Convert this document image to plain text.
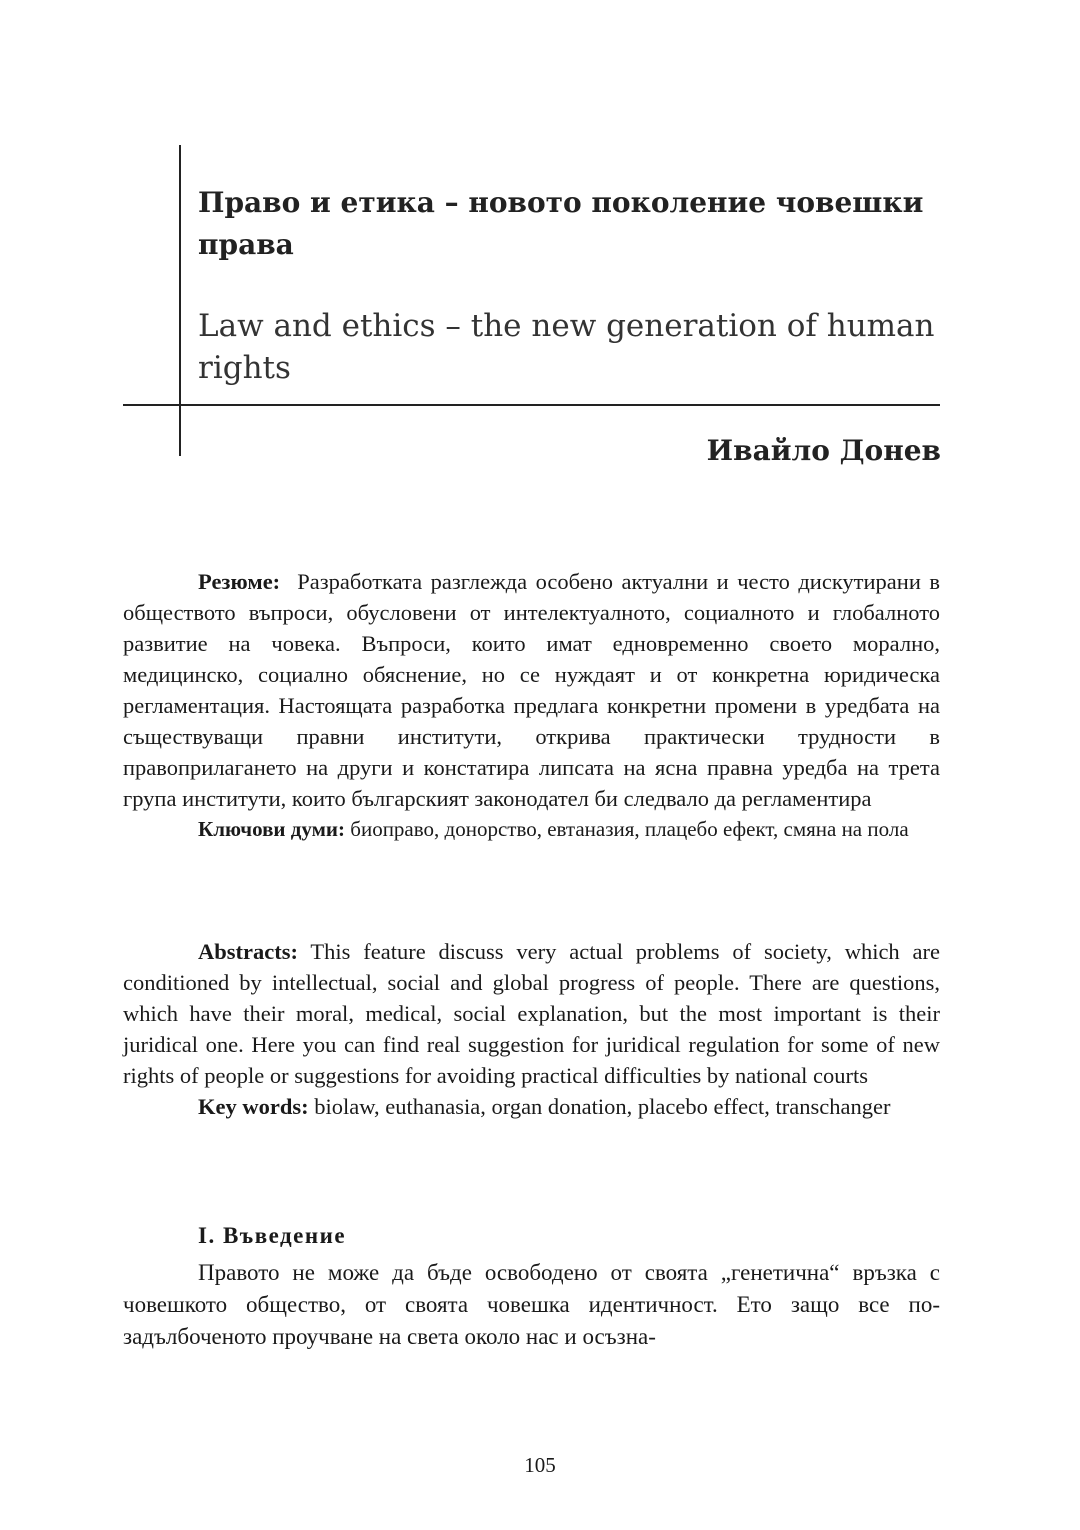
Право и етика – новото поколение човешки права
Law and ethics – the new generation of human rights
Ивайло Донев

Резюме: Разработката разглежда особено актуални и често дискутирани в обществото въпроси, обусловени от интелектуалното, социалното и глобалното развитие на човека. Въпроси, които имат едновременно своето морално, медицинско, социално обяснение, но се нуждаят и от конкретна юридическа регламентация. Настоящата разработка предлага конкретни промени в уредбата на съществуващи правни институти, открива практически трудности в правоприлагането на други и констатира липсата на ясна правна уредба на трета група институти, които българският законодател би следвало да регламентира

Ключови думи: биоправо, донорство, евтаназия, плацебо ефект, смяна на пола

Abstracts: This feature discuss very actual problems of society, which are conditioned by intellectual, social and global progress of people. There are questions, which have their moral, medical, social explanation, but the most important is their juridical one. Here you can find real suggestion for juridical regulation for some of new rights of people or suggestions for avoiding practical difficulties by national courts

Key words: biolaw, euthanasia, organ donation, placebo effect, transchanger

I. Въведение

Правото не може да бъде освободено от своята „генетична“ връзка с човешкото общество, от своята човешка идентичност. Ето защо все по-задълбоченото проучване на света около нас и осъзна-

105
